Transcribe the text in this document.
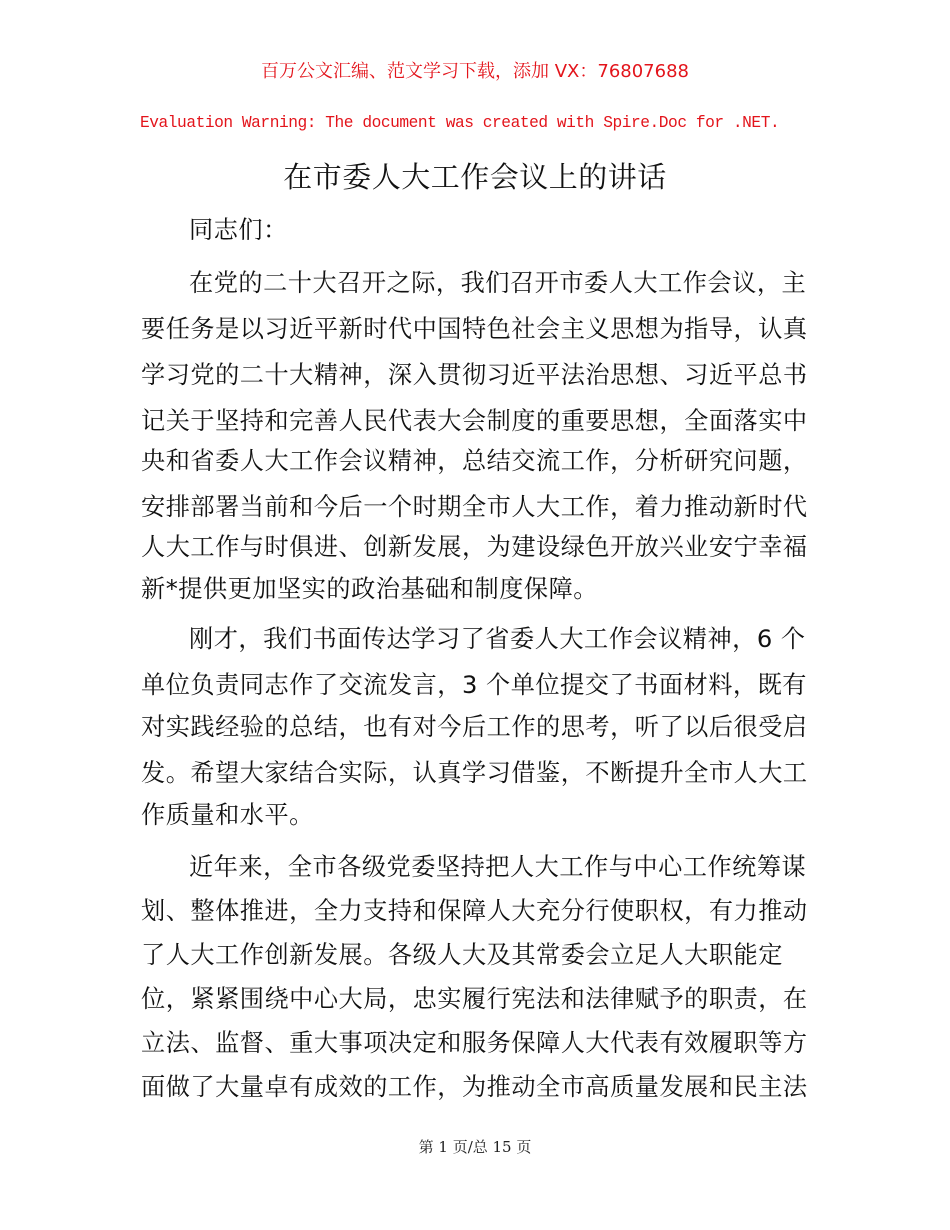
百万公文汇编、范文学习下载，添加 VX：76807688
Evaluation Warning: The document was created with Spire.Doc for .NET.
在市委人大工作会议上的讲话
同志们：
在党的二十大召开之际，我们召开市委人大工作会议，主
要任务是以习近平新时代中国特色社会主义思想为指导，认真
学习党的二十大精神，深入贯彻习近平法治思想、习近平总书
记关于坚持和完善人民代表大会制度的重要思想，全面落实中
央和省委人大工作会议精神，总结交流工作，分析研究问题，
安排部署当前和今后一个时期全市人大工作，着力推动新时代
人大工作与时俱进、创新发展，为建设绿色开放兴业安宁幸福
新*提供更加坚实的政治基础和制度保障。
刚才，我们书面传达学习了省委人大工作会议精神，6 个
单位负责同志作了交流发言，3 个单位提交了书面材料，既有
对实践经验的总结，也有对今后工作的思考，听了以后很受启
发。希望大家结合实际，认真学习借鉴，不断提升全市人大工
作质量和水平。
近年来，全市各级党委坚持把人大工作与中心工作统筹谋
划、整体推进，全力支持和保障人大充分行使职权，有力推动
了人大工作创新发展。各级人大及其常委会立足人大职能定
位，紧紧围绕中心大局，忠实履行宪法和法律赋予的职责，在
立法、监督、重大事项决定和服务保障人大代表有效履职等方
面做了大量卓有成效的工作，为推动全市高质量发展和民主法
第 1 页/总 15 页
